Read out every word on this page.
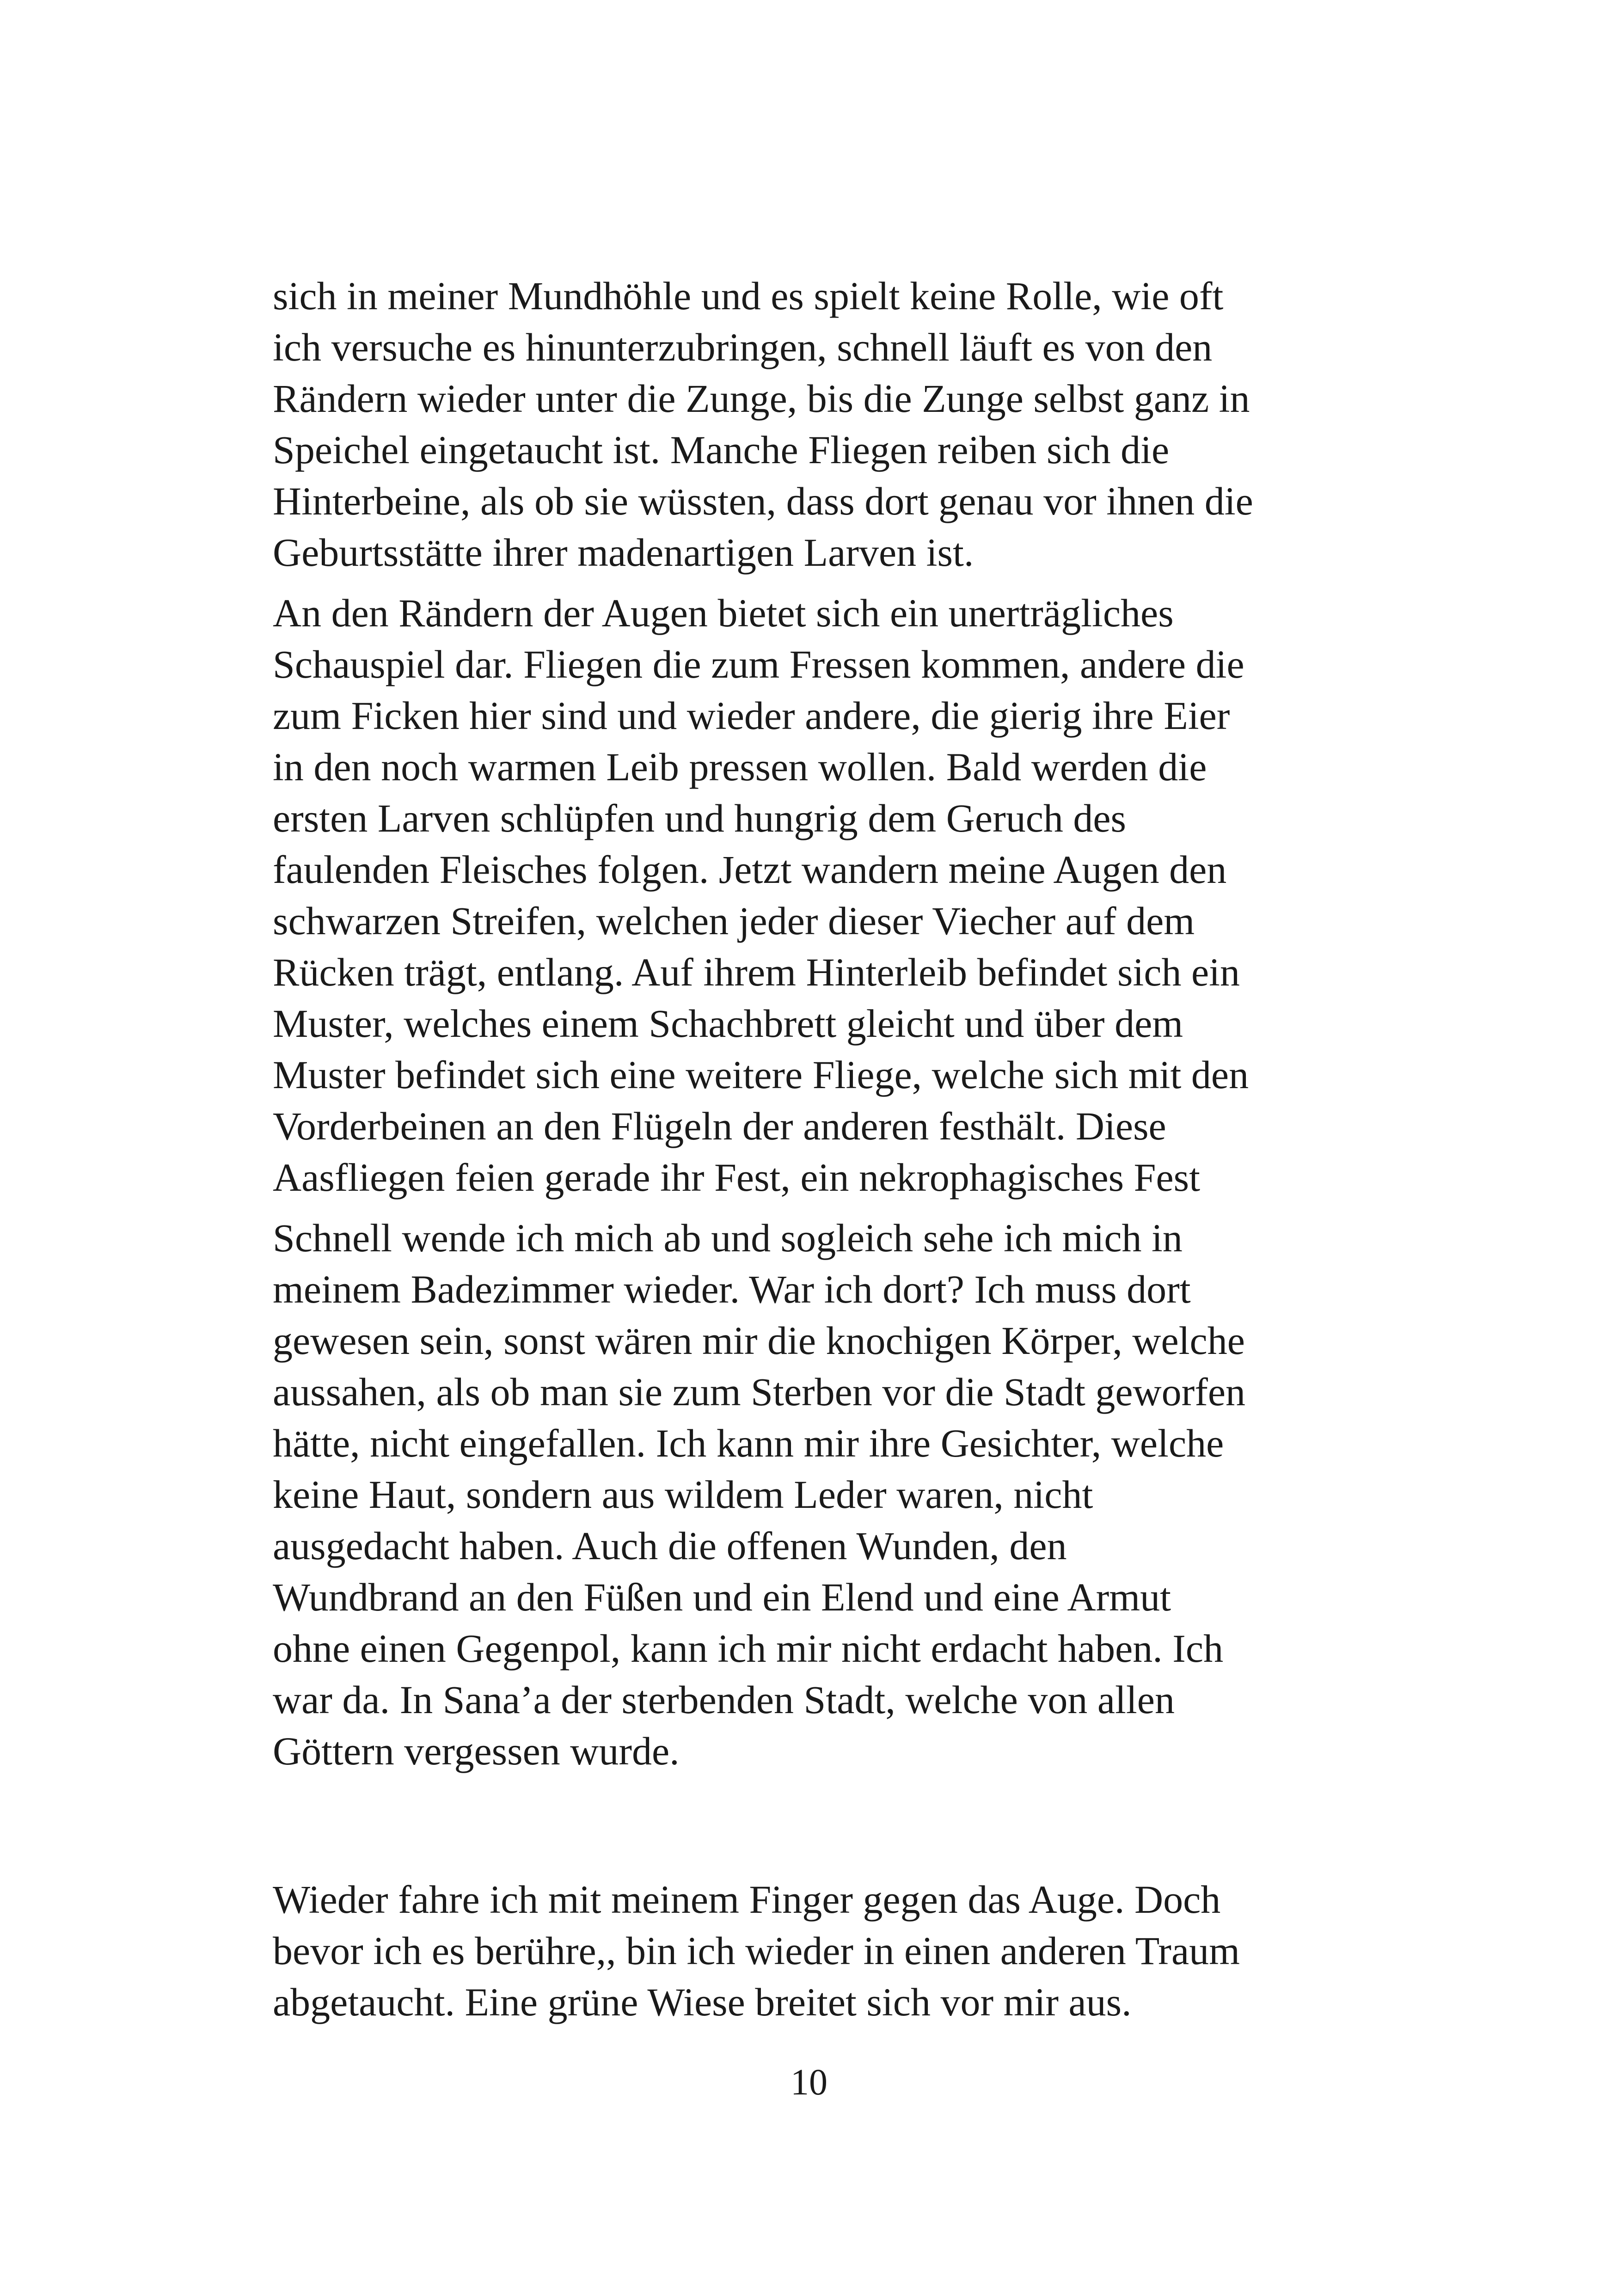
sich in meiner Mundhöhle und es spielt keine Rolle, wie oft
ich versuche es hinunterzubringen, schnell läuft es von den
Rändern wieder unter die Zunge, bis die Zunge selbst ganz in
Speichel eingetaucht ist. Manche Fliegen reiben sich die
Hinterbeine, als ob sie wüssten, dass dort genau vor ihnen die
Geburtsstätte ihrer madenartigen Larven ist.

An den Rändern der Augen bietet sich ein unerträgliches
Schauspiel dar. Fliegen die zum Fressen kommen, andere die
zum Ficken hier sind und wieder andere, die gierig ihre Eier
in den noch warmen Leib pressen wollen. Bald werden die
ersten Larven schlüpfen und hungrig dem Geruch des
faulenden Fleisches folgen. Jetzt wandern meine Augen den
schwarzen Streifen, welchen jeder dieser Viecher auf dem
Rücken trägt, entlang. Auf ihrem Hinterleib befindet sich ein
Muster, welches einem Schachbrett gleicht und über dem
Muster befindet sich eine weitere Fliege, welche sich mit den
Vorderbeinen an den Flügeln der anderen festhält. Diese
Aasfliegen feien gerade ihr Fest, ein nekrophagisches Fest

Schnell wende ich mich ab und sogleich sehe ich mich in
meinem Badezimmer wieder. War ich dort? Ich muss dort
gewesen sein, sonst wären mir die knochigen Körper, welche
aussahen, als ob man sie zum Sterben vor die Stadt geworfen
hätte, nicht eingefallen. Ich kann mir ihre Gesichter, welche
keine Haut, sondern aus wildem Leder waren, nicht
ausgedacht haben. Auch die offenen Wunden, den
Wundbrand an den Füßen und ein Elend und eine Armut
ohne einen Gegenpol, kann ich mir nicht erdacht haben. Ich
war da. In Sana’a der sterbenden Stadt, welche von allen
Göttern vergessen wurde.

Wieder fahre ich mit meinem Finger gegen das Auge. Doch
bevor ich es berühre,, bin ich wieder in einen anderen Traum
abgetaucht. Eine grüne Wiese breitet sich vor mir aus.

10
